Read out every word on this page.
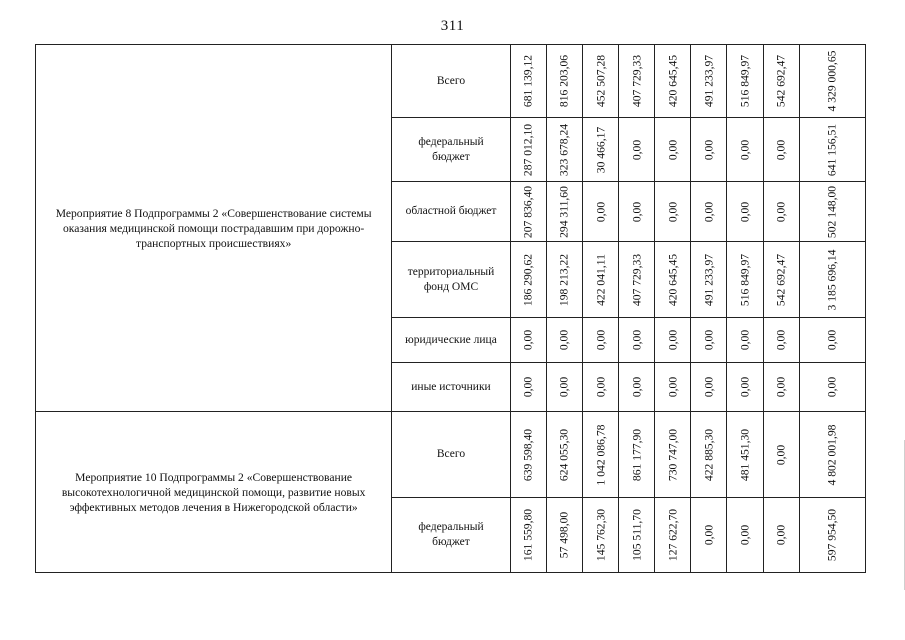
311
Мероприятие 8 Подпрограммы 2 «Совершенствование системы оказания медицинской помощи пострадавшим при дорожно-транспортных происшествиях»	Всего	681 139,12	816 203,06	452 507,28	407 729,33	420 645,45	491 233,97	516 849,97	542 692,47	4 329 000,65

	федеральный бюджет	287 012,10	323 678,24	30 466,17	0,00	0,00	0,00	0,00	0,00	641 156,51

	областной бюджет	207 836,40	294 311,60	0,00	0,00	0,00	0,00	0,00	0,00	502 148,00

	территориальный фонд ОМС	186 290,62	198 213,22	422 041,11	407 729,33	420 645,45	491 233,97	516 849,97	542 692,47	3 185 696,14

	юридические лица	0,00	0,00	0,00	0,00	0,00	0,00	0,00	0,00	0,00

	иные источники	0,00	0,00	0,00	0,00	0,00	0,00	0,00	0,00	0,00

Мероприятие 10 Подпрограммы 2 «Совершенствование высокотехнологичной медицинской помощи, развитие новых эффективных методов лечения в Нижегородской области»	Всего	639 598,40	624 055,30	1 042 086,78	861 177,90	730 747,00	422 885,30	481 451,30	0,00	4 802 001,98

	федеральный бюджет	161 559,80	57 498,00	145 762,30	105 511,70	127 622,70	0,00	0,00	0,00	597 954,50
